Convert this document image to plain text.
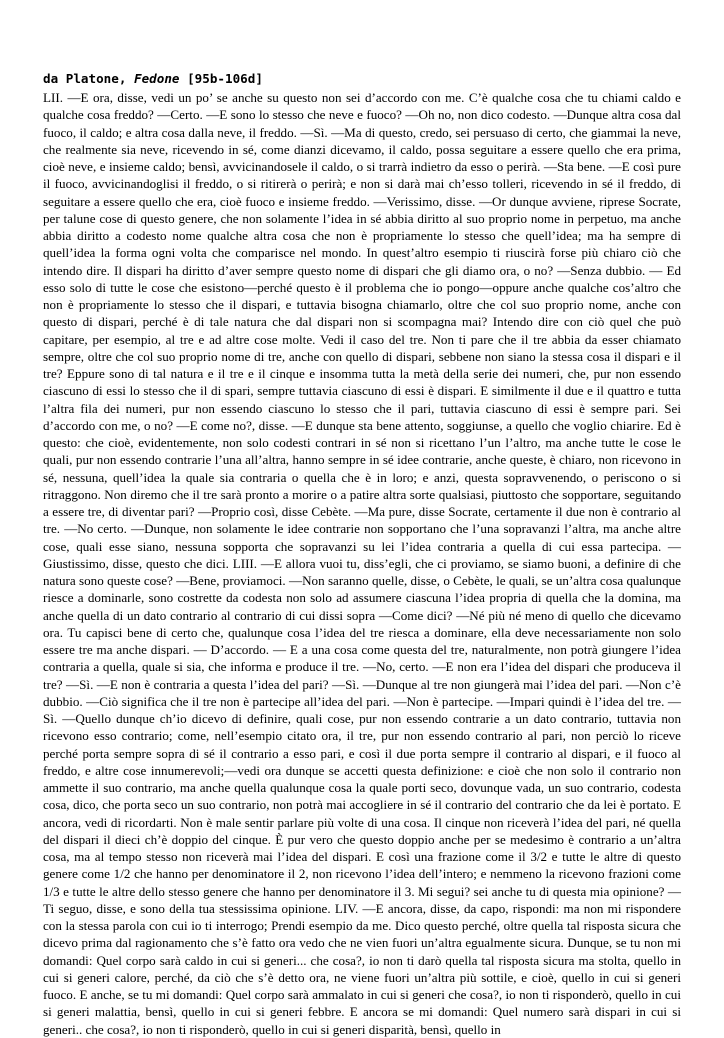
da Platone, Fedone [95b-106d]

LII. —E ora, disse, vedi un po’ se anche su questo non sei d’accordo con me. C’è qualche cosa che tu chiami caldo e qualche cosa freddo? —Certo. —E sono lo stesso che neve e fuoco? —Oh no, non dico codesto. —Dunque altra cosa dal fuoco, il caldo; e altra cosa dalla neve, il freddo. —Sì. —Ma di questo, credo, sei persuaso di certo, che giammai la neve, che realmente sia neve, ricevendo in sé, come dianzi dicevamo, il caldo, possa seguitare a essere quello che era prima, cioè neve, e insieme caldo; bensì, avvicinandosele il caldo, o si trarrà indietro da esso o perirà. —Sta bene. —E così pure il fuoco, avvicinandoglisi il freddo, o si ritirerà o perirà; e non si darà mai ch’esso tolleri, ricevendo in sé il freddo, di seguitare a essere quello che era, cioè fuoco e insieme freddo. —Verissimo, disse. —Or dunque avviene, riprese Socrate, per talune cose di questo genere, che non solamente l’idea in sé abbia diritto al suo proprio nome in perpetuo, ma anche abbia diritto a codesto nome qualche altra cosa che non è propriamente lo stesso che quell’idea; ma ha sempre di quell’idea la forma ogni volta che comparisce nel mondo. In quest’altro esempio ti riuscirà forse più chiaro ciò che intendo dire. Il dispari ha diritto d’aver sempre questo nome di dispari che gli diamo ora, o no? —Senza dubbio. — Ed esso solo di tutte le cose che esistono—perché questo è il problema che io pongo—oppure anche qualche cos’altro che non è propriamente lo stesso che il dispari, e tuttavia bisogna chiamarlo, oltre che col suo proprio nome, anche con questo di dispari, perché è di tale natura che dal dispari non si scompagna mai? Intendo dire con ciò quel che può capitare, per esempio, al tre e ad altre cose molte. Vedi il caso del tre. Non ti pare che il tre abbia da esser chiamato sempre, oltre che col suo proprio nome di tre, anche con quello di dispari, sebbene non siano la stessa cosa il dispari e il tre? Eppure sono di tal natura e il tre e il cinque e insomma tutta la metà della serie dei numeri, che, pur non essendo ciascuno di essi lo stesso che il di spari, sempre tuttavia ciascuno di essi è dispari. E similmente il due e il quattro e tutta l’altra fila dei numeri, pur non essendo ciascuno lo stesso che il pari, tuttavia ciascuno di essi è sempre pari. Sei d’accordo con me, o no? —E come no?, disse. —E dunque sta bene attento, soggiunse, a quello che voglio chiarire. Ed è questo: che cioè, evidentemente, non solo codesti contrari in sé non si ricettano l’un l’altro, ma anche tutte le cose le quali, pur non essendo contrarie l’una all’altra, hanno sempre in sé idee contrarie, anche queste, è chiaro, non ricevono in sé, nessuna, quell’idea la quale sia contraria o quella che è in loro; e anzi, questa sopravvenendo, o periscono o si ritraggono. Non diremo che il tre sarà pronto a morire o a patire altra sorte qualsiasi, piuttosto che sopportare, seguitando a essere tre, di diventar pari? —Proprio così, disse Cebète. —Ma pure, disse Socrate, certamente il due non è contrario al tre. —No certo. —Dunque, non solamente le idee contrarie non sopportano che l’una sopravanzi l’altra, ma anche altre cose, quali esse siano, nessuna sopporta che sopravanzi su lei l’idea contraria a quella di cui essa partecipa. —Giustissimo, disse, questo che dici. LIII. —E allora vuoi tu, diss’egli, che ci proviamo, se siamo buoni, a definire di che natura sono queste cose? —Bene, proviamoci. —Non saranno quelle, disse, o Cebète, le quali, se un’altra cosa qualunque riesce a dominarle, sono costrette da codesta non solo ad assumere ciascuna l’idea propria di quella che la domina, ma anche quella di un dato contrario al contrario di cui dissi sopra —Come dici? —Né più né meno di quello che dicevamo ora. Tu capisci bene di certo che, qualunque cosa l’idea del tre riesca a dominare, ella deve necessariamente non solo essere tre ma anche dispari. — D’accordo. — E a una cosa come questa del tre, naturalmente, non potrà giungere l’idea contraria a quella, quale si sia, che informa e produce il tre. —No, certo. —E non era l’idea del dispari che produceva il tre? —Sì. —E non è contraria a questa l’idea del pari? —Sì. —Dunque al tre non giungerà mai l’idea del pari. —Non c’è dubbio. —Ciò significa che il tre non è partecipe all’idea del pari. —Non è partecipe. —Impari quindi è l’idea del tre. —Sì. —Quello dunque ch’io dicevo di definire, quali cose, pur non essendo contrarie a un dato contrario, tuttavia non ricevono esso contrario; come, nell’esempio citato ora, il tre, pur non essendo contrario al pari, non perciò lo riceve perché porta sempre sopra di sé il contrario a esso pari, e così il due porta sempre il contrario al dispari, e il fuoco al freddo, e altre cose innumerevoli;—vedi ora dunque se accetti questa definizione: e cioè che non solo il contrario non ammette il suo contrario, ma anche quella qualunque cosa la quale porti seco, dovunque vada, un suo contrario, codesta cosa, dico, che porta seco un suo contrario, non potrà mai accogliere in sé il contrario del contrario che da lei è portato. E ancora, vedi di ricordarti. Non è male sentir parlare più volte di una cosa. Il cinque non riceverà l’idea del pari, né quella del dispari il dieci ch’è doppio del cinque. È pur vero che questo doppio anche per se medesimo è contrario a un’altra cosa, ma al tempo stesso non riceverà mai l’idea del dispari. E così una frazione come il 3/2 e tutte le altre di questo genere come 1/2 che hanno per denominatore il 2, non ricevono l’idea dell’intero; e nemmeno la ricevono frazioni come 1/3 e tutte le altre dello stesso genere che hanno per denominatore il 3. Mi segui? sei anche tu di questa mia opinione? —Ti seguo, disse, e sono della tua stessissima opinione. LIV. —E ancora, disse, da capo, rispondi: ma non mi rispondere con la stessa parola con cui io ti interrogo; Prendi esempio da me. Dico questo perché, oltre quella tal risposta sicura che dicevo prima dal ragionamento che s’è fatto ora vedo che ne vien fuori un’altra egualmente sicura. Dunque, se tu non mi domandi: Quel corpo sarà caldo in cui si generi... che cosa?, io non ti darò quella tal risposta sicura ma stolta, quello in cui si generi calore, perché, da ciò che s’è detto ora, ne viene fuori un’altra più sottile, e cioè, quello in cui si generi fuoco. E anche, se tu mi domandi: Quel corpo sarà ammalato in cui si generi che cosa?, io non ti risponderò, quello in cui si generi malattia, bensì, quello in cui si generi febbre. E ancora se mi domandi: Quel numero sarà dispari in cui si generi.. che cosa?, io non ti risponderò, quello in cui si generi disparità, bensì, quello in
